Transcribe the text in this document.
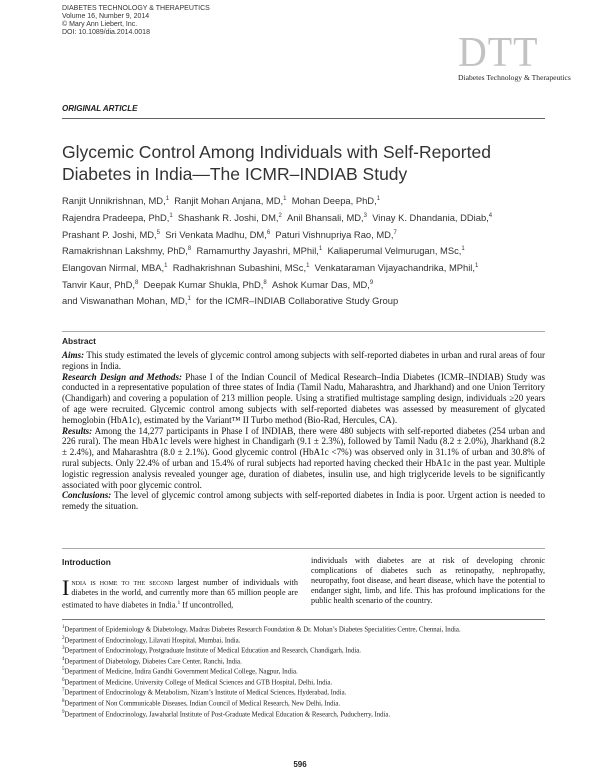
DIABETES TECHNOLOGY & THERAPEUTICS
Volume 16, Number 9, 2014
© Mary Ann Liebert, Inc.
DOI: 10.1089/dia.2014.0018	DTT
Diabetes Technology & Therapeutics
ORIGINAL ARTICLE
Glycemic Control Among Individuals with Self-Reported Diabetes in India—The ICMR–INDIAB Study
Ranjit Unnikrishnan, MD,$^1$ Ranjit Mohan Anjana, MD,$^1$ Mohan Deepa, PhD,$^1$
Rajendra Pradeepa, PhD,$^1$ Shashank R. Joshi, DM,$^2$ Anil Bhansali, MD,$^3$ Vinay K. Dhandania, DDiab,$^4$
Prashant P. Joshi, MD,$^5$ Sri Venkata Madhu, DM,$^6$ Paturi Vishnupriya Rao, MD,$^7$
Ramakrishnan Lakshmy, PhD,$^8$ Ramamurthy Jayashri, MPhil,$^1$ Kaliaperumal Velmurugan, MSc,$^1$
Elangovan Nirmal, MBA,$^1$ Radhakrishnan Subashini, MSc,$^1$ Venkataraman Vijayachandrika, MPhil,$^1$
Tanvir Kaur, PhD,$^8$ Deepak Kumar Shukla, PhD,$^8$ Ashok Kumar Das, MD,$^9$
and Viswanathan Mohan, MD,$^1$ for the ICMR–INDIAB Collaborative Study Group
Abstract

Aims: This study estimated the levels of glycemic control among subjects with self-reported diabetes in urban and rural areas of four regions in India.

Research Design and Methods: Phase I of the Indian Council of Medical Research–India Diabetes (ICMR–INDIAB) Study was conducted in a representative population of three states of India (Tamil Nadu, Maharashtra, and Jharkhand) and one Union Territory (Chandigarh) and covering a population of 213 million people. Using a stratified multistage sampling design, individuals ≥20 years of age were recruited. Glycemic control among subjects with self-reported diabetes was assessed by measurement of glycated hemoglobin (HbA1c), estimated by the Variant™ II Turbo method (Bio-Rad, Hercules, CA).

Results: Among the 14,277 participants in Phase I of INDIAB, there were 480 subjects with self-reported diabetes (254 urban and 226 rural). The mean HbA1c levels were highest in Chandigarh (9.1 ± 2.3%), followed by Tamil Nadu (8.2 ± 2.0%), Jharkhand (8.2 ± 2.4%), and Maharashtra (8.0 ± 2.1%). Good glycemic control (HbA1c <7%) was observed only in 31.1% of urban and 30.8% of rural subjects. Only 22.4% of urban and 15.4% of rural subjects had reported having checked their HbA1c in the past year. Multiple logistic regression analysis revealed younger age, duration of diabetes, insulin use, and high triglyceride levels to be significantly associated with poor glycemic control.

Conclusions: The level of glycemic control among subjects with self-reported diabetes in India is poor. Urgent action is needed to remedy the situation.

Introduction
India is home to the second largest number of individuals with diabetes in the world, and currently more than 65 million people are estimated to have diabetes in India.$^1$ If uncontrolled,
individuals with diabetes are at risk of developing chronic complications of diabetes such as retinopathy, nephropathy, neuropathy, foot disease, and heart disease, which have the potential to endanger sight, limb, and life. This has profound implications for the public health scenario of the country.
$^1$Department of Epidemiology & Diabetology, Madras Diabetes Research Foundation & Dr. Mohan’s Diabetes Specialities Centre, Chennai, India.
$^2$Department of Endocrinology, Lilavati Hospital, Mumbai, India.
$^3$Department of Endocrinology, Postgraduate Institute of Medical Education and Research, Chandigarh, India.
$^4$Department of Diabetology, Diabetes Care Center, Ranchi, India.
$^5$Department of Medicine, Indira Gandhi Government Medical College, Nagpur, India.
$^6$Department of Medicine, University College of Medical Sciences and GTB Hospital, Delhi, India.
$^7$Department of Endocrinology & Metabolism, Nizam’s Institute of Medical Sciences, Hyderabad, India.
$^8$Department of Non Communicable Diseases, Indian Council of Medical Research, New Delhi, India.
$^9$Department of Endocrinology, Jawaharlal Institute of Post-Graduate Medical Education & Research, Puducherry, India.
596
